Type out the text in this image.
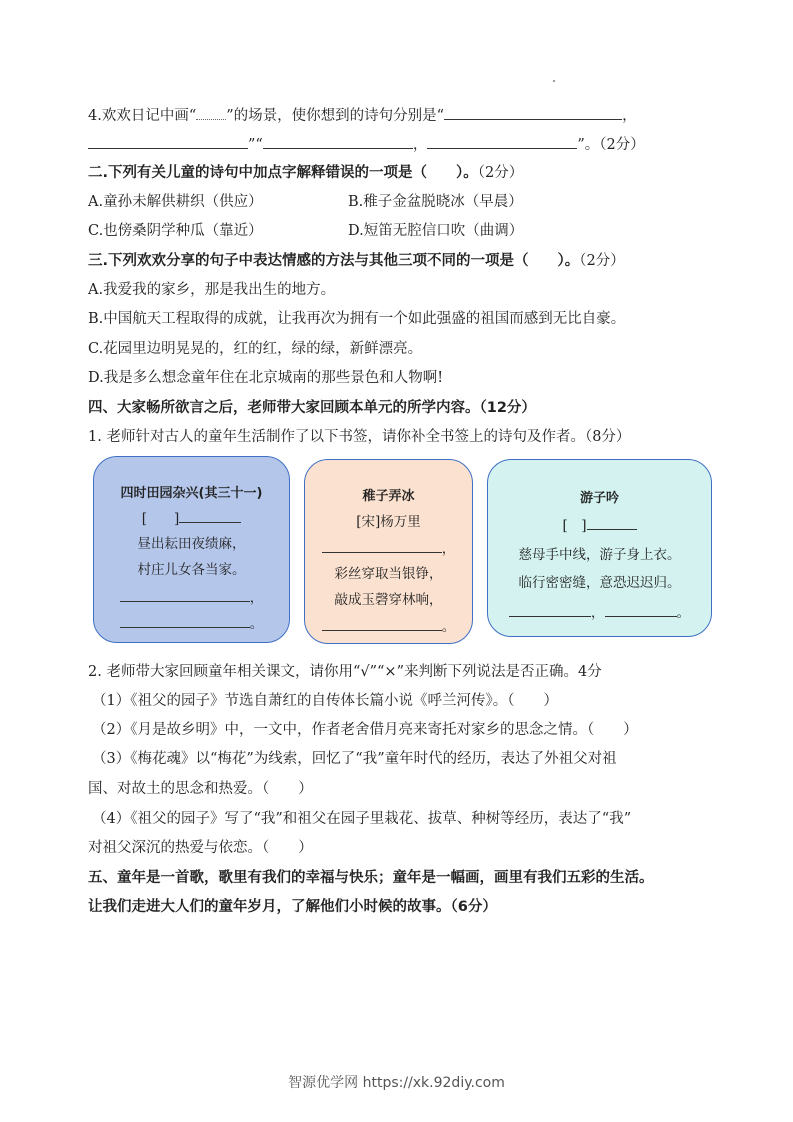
4.欢欢日记中画“ ”的场景，使你想到的诗句分别是“	，
”“	，	”。（2分）
二.下列有关儿童的诗句中加点字解释错误的一项是（　　）。（2分）
A.童孙未解供耕织（供应）	B.稚子金盆脱晓冰（早晨）
C.也傍桑阴学种瓜（靠近）	D.短笛无腔信口吹（曲调）
三.下列欢欢分享的句子中表达情感的方法与其他三项不同的一项是（　　）。（2分）
A.我爱我的家乡，那是我出生的地方。
B.中国航天工程取得的成就，让我再次为拥有一个如此强盛的祖国而感到无比自豪。
C.花园里边明晃晃的，红的红，绿的绿，新鲜漂亮。
D.我是多么想念童年住在北京城南的那些景色和人物啊!
四、大家畅所欲言之后，老师带大家回顾本单元的所学内容。（12分）
1. 老师针对古人的童年生活制作了以下书签，请你补全书签上的诗句及作者。（8分）
四时田园杂兴(其三十一)
[　　]
昼出耘田夜绩麻，
村庄儿女各当家。
，
。
稚子弄冰
[宋]杨万里
，
彩丝穿取当银铮，
敲成玉磬穿林响，
。
游子吟
[　]
慈母手中线，游子身上衣。
临行密密缝，意恐迟迟归。
，	。
2. 老师带大家回顾童年相关课文，请你用“√”“×”来判断下列说法是否正确。4分
（1）《祖父的园子》节选自萧红的自传体长篇小说《呼兰河传》。（　　）
（2）《月是故乡明》中，一文中，作者老舍借月亮来寄托对家乡的思念之情。（　　）
（3）《梅花魂》以“梅花”为线索，回忆了“我”童年时代的经历，表达了外祖父对祖
国、对故土的思念和热爱。（　　）
（4）《祖父的园子》写了“我”和祖父在园子里栽花、拔草、种树等经历，表达了“我”
对祖父深沉的热爱与依恋。（　　）
五、童年是一首歌，歌里有我们的幸福与快乐；童年是一幅画，画里有我们五彩的生活。
让我们走进大人们的童年岁月，了解他们小时候的故事。（6分）
智源优学网 https://xk.92diy.com
